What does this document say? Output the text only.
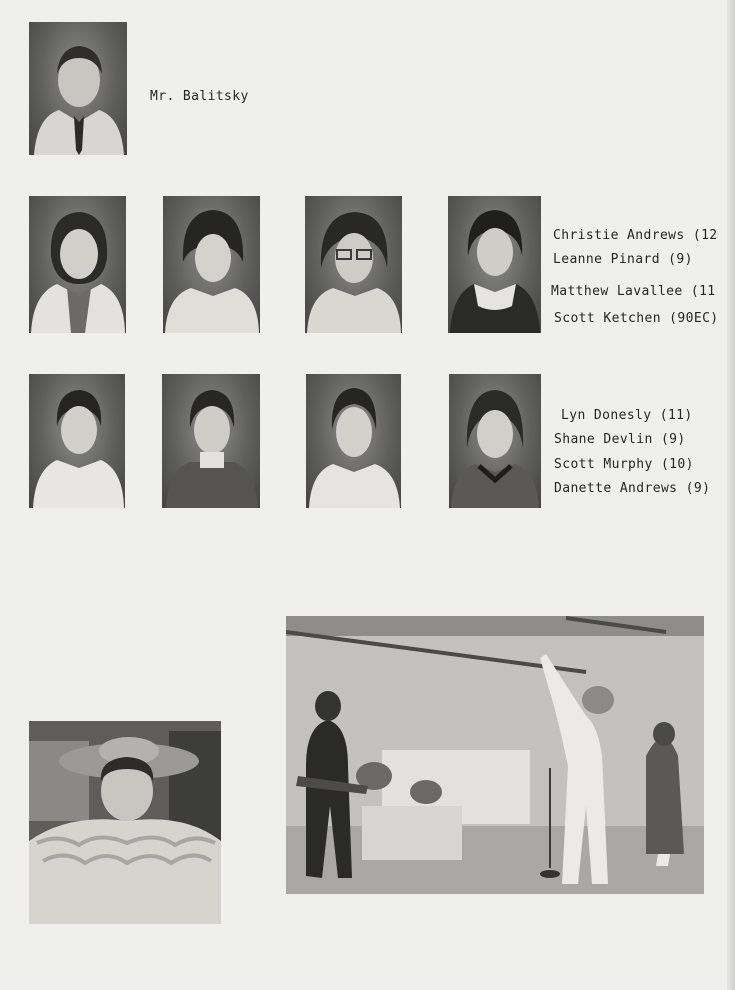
Mr. Balitsky
Christie Andrews (12
Leanne Pinard (9)
Matthew Lavallee (11
Scott Ketchen (90EC)
Lyn Donesly (11)
Shane Devlin (9)
Scott Murphy (10)
Danette Andrews (9)
